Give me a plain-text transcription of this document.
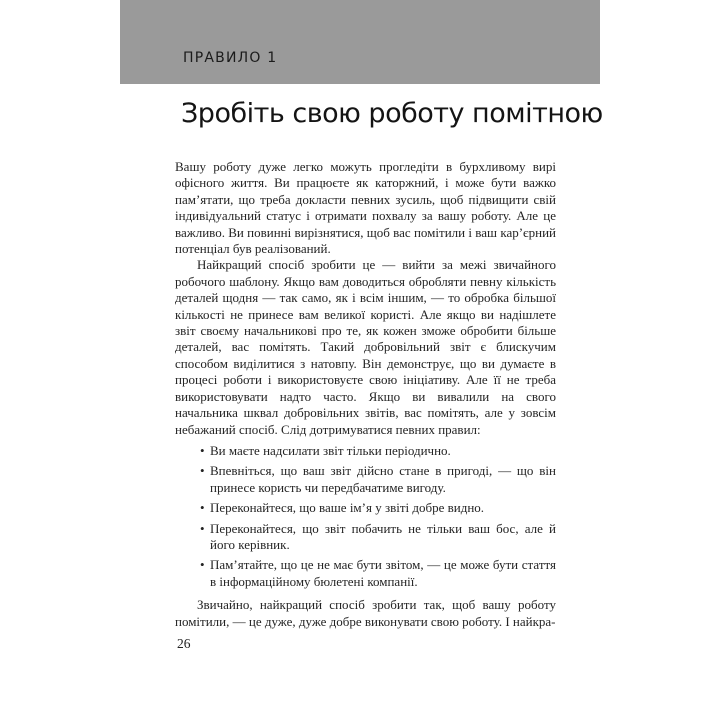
ПРАВИЛО 1
Зробіть свою роботу помітною

Вашу роботу дуже легко можуть прогледіти в бурхливому вирі офісного життя. Ви працюєте як каторжний, і може бути важко пам’ятати, що треба докласти певних зусиль, щоб підвищити свій індивідуальний статус і отримати похвалу за вашу роботу. Але це важливо. Ви повинні вирізнятися, щоб вас помітили і ваш кар’єрний потенціал був реалізований.

Найкращий спосіб зробити це — вийти за межі звичайного робочого шаблону. Якщо вам доводиться обробляти певну кількість деталей щодня — так само, як і всім іншим, — то обробка більшої кількості не принесе вам великої користі. Але якщо ви надішлете звіт своєму начальникові про те, як кожен зможе обробити більше деталей, вас помітять. Такий добровільний звіт є блискучим способом виділитися з натовпу. Він демонструє, що ви думаєте в процесі роботи і використовуєте свою ініціативу. Але її не треба використовувати надто часто. Якщо ви вивалили на свого начальника шквал добровільних звітів, вас помітять, але у зовсім небажаний спосіб. Слід дотримуватися певних правил:

• Ви маєте надсилати звіт тільки періодично.
• Впевніться, що ваш звіт дійсно стане в пригоді, — що він принесе користь чи передбачатиме вигоду.
• Переконайтеся, що ваше ім’я у звіті добре видно.
• Переконайтеся, що звіт побачить не тільки ваш бос, але й його керівник.
• Пам’ятайте, що це не має бути звітом, — це може бути стаття в інформаційному бюлетені компанії.

Звичайно, найкращий спосіб зробити так, щоб вашу роботу помітили, — це дуже, дуже добре виконувати свою роботу. І найкра-

26
